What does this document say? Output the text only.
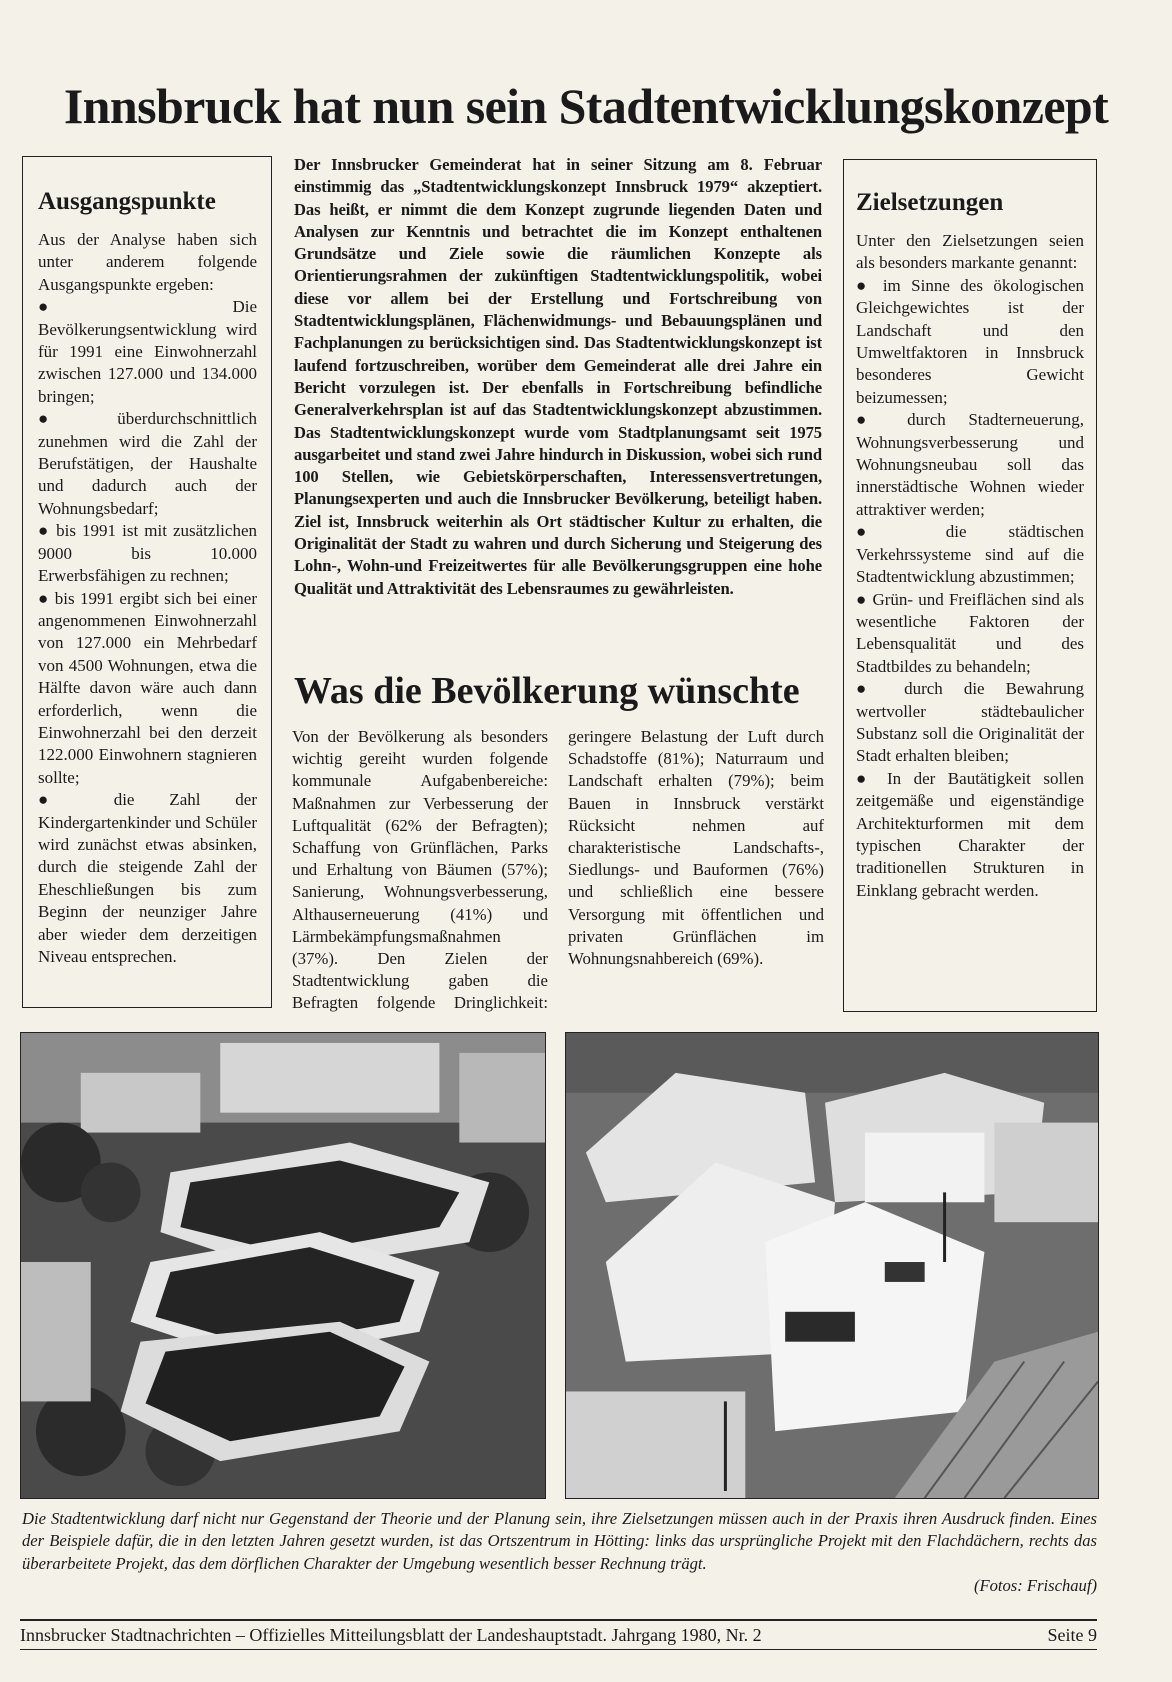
Innsbruck hat nun sein Stadtentwicklungskonzept
Ausgangspunkte

Aus der Analyse haben sich unter anderem folgende Ausgangspunkte ergeben:

●	Die Bevölkerungsentwicklung wird für 1991 eine Einwohnerzahl zwischen 127.000 und 134.000 bringen;

● überdurchschnittlich zunehmen wird die Zahl der Berufstätigen, der Haushalte und dadurch auch der Wohnungsbedarf;

● bis 1991 ist mit zusätzlichen 9000 bis 10.000 Erwerbsfähigen zu rechnen;

● bis 1991 ergibt sich bei einer angenommenen Einwohnerzahl von 127.000 ein Mehrbedarf von 4500 Wohnungen, etwa die Hälfte davon wäre auch dann erforderlich, wenn die Einwohnerzahl bei den derzeit 122.000 Einwohnern stagnieren sollte;

● die Zahl der Kindergartenkinder und Schüler wird zunächst etwas absinken, durch die steigende Zahl der Eheschließungen bis zum Beginn der neunziger Jahre aber wieder dem derzeitigen Niveau entsprechen.

Der Innsbrucker Gemeinderat hat in seiner Sitzung am 8. Februar einstimmig das „Stadtentwicklungskonzept Innsbruck 1979“ akzeptiert. Das heißt, er nimmt die dem Konzept zugrunde liegenden Daten und Analysen zur Kenntnis und betrachtet die im Konzept enthaltenen Grundsätze und Ziele sowie die räumlichen Konzepte als Orientierungsrahmen der zukünftigen Stadtentwicklungspolitik, wobei diese vor allem bei der Erstellung und Fortschreibung von Stadtentwicklungsplänen, Flächenwidmungs- und Bebauungsplänen und Fachplanungen zu berücksichtigen sind. Das Stadtentwicklungskonzept ist laufend fortzuschreiben, worüber dem Gemeinderat alle drei Jahre ein Bericht vorzulegen ist. Der ebenfalls in Fortschreibung befindliche Generalverkehrsplan ist auf das Stadtentwicklungskonzept abzustimmen. Das Stadtentwicklungskonzept wurde vom Stadtplanungsamt seit 1975 ausgarbeitet und stand zwei Jahre hindurch in Diskussion, wobei sich rund 100 Stellen, wie Gebietskörperschaften, Interessensvertretungen, Planungsexperten und auch die Innsbrucker Bevölkerung, beteiligt haben. Ziel ist, Innsbruck weiterhin als Ort städtischer Kultur zu erhalten, die Originalität der Stadt zu wahren und durch Sicherung und Steigerung des Lohn-, Wohn-und Freizeitwertes für alle Bevölkerungsgruppen eine hohe Qualität und Attraktivität des Lebensraumes zu gewährleisten.
Was die Bevölkerung wünschte
Von der Bevölkerung als besonders wichtig gereiht wurden folgende kommunale Aufgabenbereiche: Maßnahmen zur Verbesserung der Luftqualität (62% der Befragten); Schaffung von Grünflächen, Parks und Erhaltung von Bäumen (57%); Sanierung, Wohnungsverbesserung, Althauserneuerung (41%) und Lärmbekämpfungsmaßnahmen (37%). Den Zielen der Stadtentwicklung gaben die Befragten folgende Dringlichkeit: geringere Belastung der Luft durch Schadstoffe (81%); Naturraum und Landschaft erhalten (79%); beim Bauen in Innsbruck verstärkt Rücksicht nehmen auf charakteristische Landschafts-, Siedlungs- und Bauformen (76%) und schließlich eine bessere Versorgung mit öffentlichen und privaten Grünflächen im Wohnungsnahbereich (69%).
Zielsetzungen

Unter den Zielsetzungen seien als besonders markante genannt:

● im Sinne des ökologischen Gleichgewichtes ist der Landschaft und den Umweltfaktoren in Innsbruck besonderes Gewicht beizumessen;

● durch Stadterneuerung, Wohnungsverbesserung und Wohnungsneubau soll das innerstädtische Wohnen wieder attraktiver werden;

● die städtischen Verkehrssysteme sind auf die Stadtentwicklung abzustimmen;

● Grün- und Freiflächen sind als wesentliche Faktoren der Lebensqualität und des Stadtbildes zu behandeln;

● durch die Bewahrung wertvoller städtebaulicher Substanz soll die Originalität der Stadt erhalten bleiben;

● In der Bautätigkeit sollen zeitgemäße und eigenständige Architekturformen mit dem typischen Charakter der traditionellen Strukturen in Einklang gebracht werden.

Die Stadtentwicklung darf nicht nur Gegenstand der Theorie und der Planung sein, ihre Zielsetzungen müssen auch in der Praxis ihren Ausdruck finden. Eines der Beispiele dafür, die in den letzten Jahren gesetzt wurden, ist das Ortszentrum in Hötting: links das ursprüngliche Projekt mit den Flachdächern, rechts das überarbeitete Projekt, das dem dörflichen Charakter der Umgebung wesentlich besser Rechnung trägt.
(Fotos: Frischauf)
Innsbrucker Stadtnachrichten – Offizielles Mitteilungsblatt der Landeshauptstadt. Jahrgang 1980, Nr. 2	Seite 9
